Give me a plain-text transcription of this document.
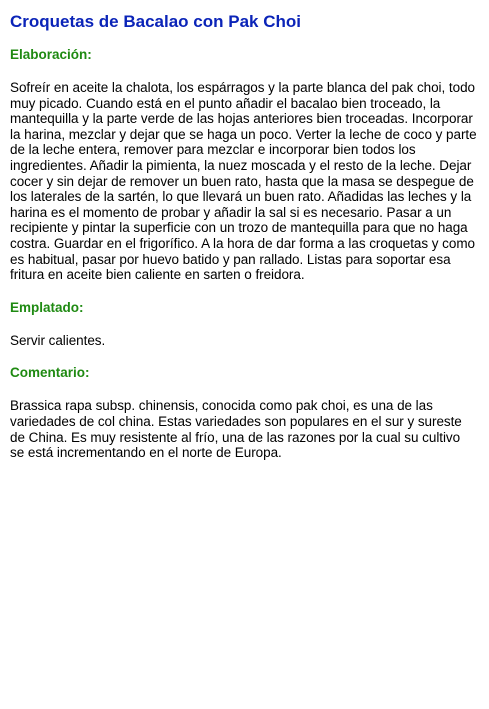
Croquetas de Bacalao con Pak Choi
Elaboración:

Sofreír en aceite la chalota, los espárragos y la parte blanca del pak choi, todo muy picado. Cuando está en el punto añadir el bacalao bien troceado, la mantequilla y la parte verde de las hojas anteriores bien troceadas. Incorporar la harina, mezclar y dejar que se haga un poco. Verter la leche de coco y parte de la leche entera, remover para mezclar e incorporar bien todos los ingredientes. Añadir la pimienta, la nuez moscada y el resto de la leche. Dejar cocer y sin dejar de remover un buen rato, hasta que la masa se despegue de los laterales de la sartén, lo que llevará un buen rato. Añadidas las leches y la harina es el momento de probar y añadir la sal si es necesario. Pasar a un recipiente y pintar la superficie con un trozo de mantequilla para que no haga costra. Guardar en el frigorífico. A la hora de dar forma a las croquetas y como es habitual, pasar por huevo batido y pan rallado. Listas para soportar esa fritura en aceite bien caliente en sarten o freidora.

Emplatado:

Servir calientes.

Comentario:

Brassica rapa subsp. chinensis, conocida como pak choi, es una de las variedades de col china. Estas variedades son populares en el sur y sureste de China. Es muy resistente al frío, una de las razones por la cual su cultivo se está incrementando en el norte de Europa.
